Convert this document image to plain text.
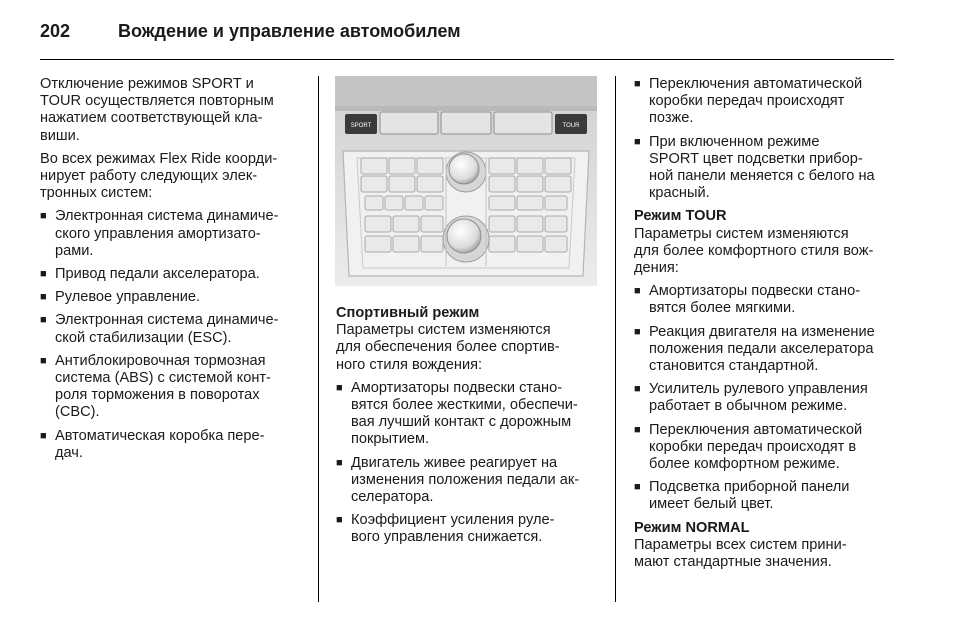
202	Вождение и управление автомобилем

Отключение режимов SPORT и
TOUR осуществляется повторным
нажатием соответствующей кла-
виши.

Во всех режимах Flex Ride коорди-
нирует работу следующих элек-
тронных систем:

■ Электронная система динамиче-
ского управления амортизато-
рами.
■ Привод педали акселератора.
■ Рулевое управление.
■ Электронная система динамиче-
ской стабилизации (ESC).
■ Антиблокировочная тормозная
система (ABS) с системой конт-
роля торможения в поворотах
(CBC).
■ Автоматическая коробка пере-
дач.
SPORT	TOUR
Спортивный режим

Параметры систем изменяются
для обеспечения более спортив-
ного стиля вождения:

■ Амортизаторы подвески стано-
вятся более жесткими, обеспечи-
вая лучший контакт с дорожным
покрытием.
■ Двигатель живее реагирует на
изменения положения педали ак-
селератора.
■ Коэффициент усиления руле-
вого управления снижается.
■ Переключения автоматической
коробки передач происходят
позже.
■ При включенном режиме
SPORT цвет подсветки прибор-
ной панели меняется с белого на
красный.
Режим TOUR

Параметры систем изменяются
для более комфортного стиля вож-
дения:

■ Амортизаторы подвески стано-
вятся более мягкими.
■ Реакция двигателя на изменение
положения педали акселератора
становится стандартной.
■ Усилитель рулевого управления
работает в обычном режиме.
■ Переключения автоматической
коробки передач происходят в
более комфортном режиме.
■ Подсветка приборной панели
имеет белый цвет.
Режим NORMAL

Параметры всех систем прини-
мают стандартные значения.
